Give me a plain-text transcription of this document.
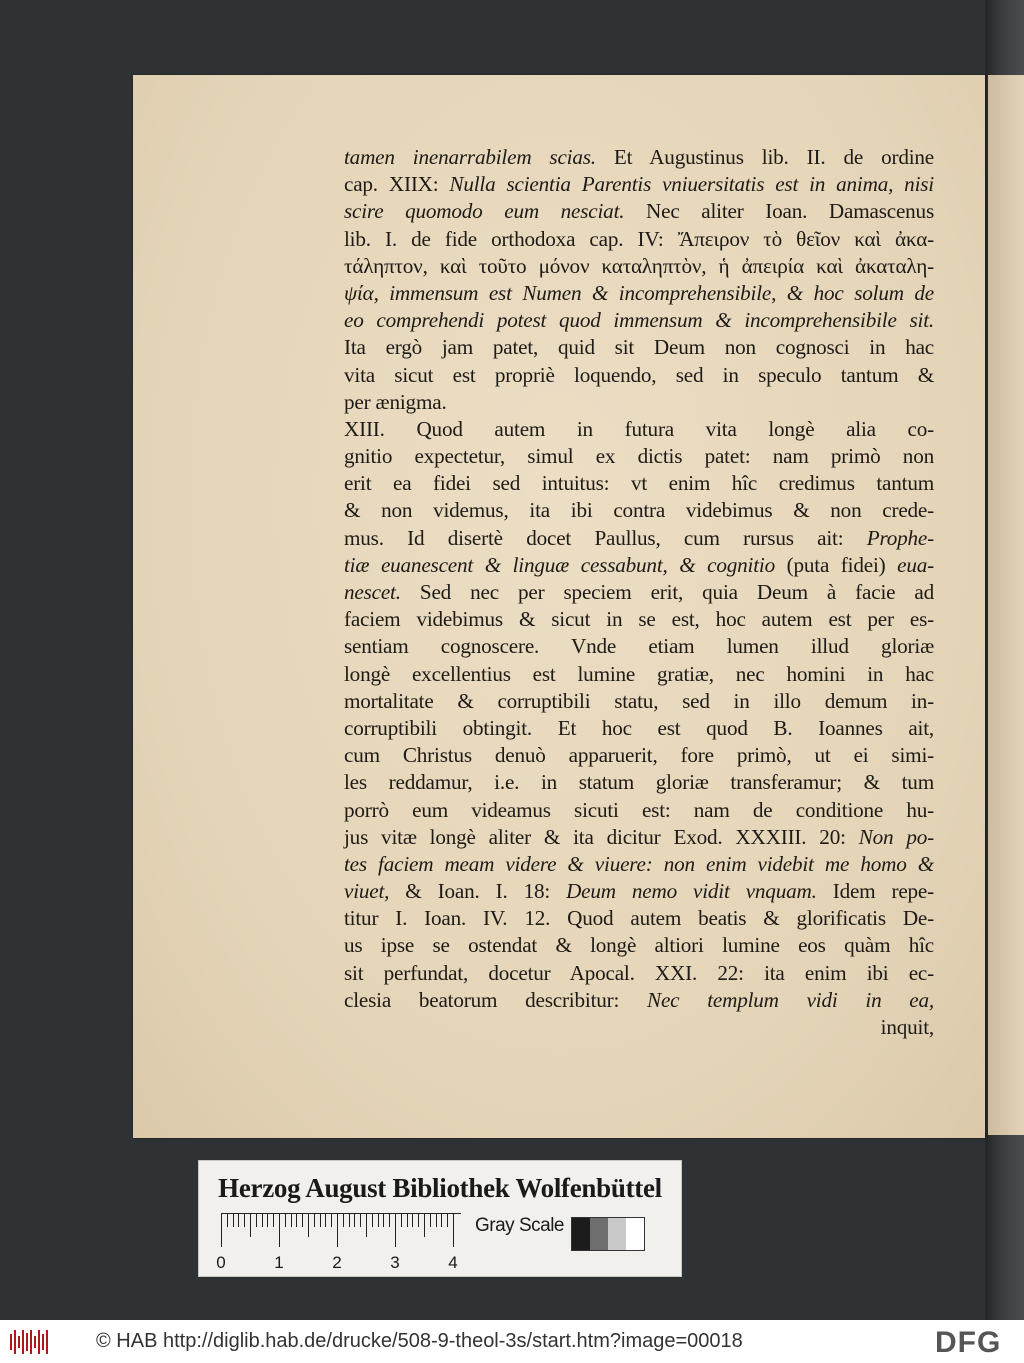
tamen inenarrabilem scias. Et Augustinus lib. II. de ordine
cap. XIIX: Nulla scientia Parentis vniuersitatis est in anima, nisi
scire quomodo eum nesciat. Nec aliter Ioan. Damascenus
lib. I. de fide orthodoxa cap. IV: Ἄπειρον τὸ θεῖον καὶ ἀκα-
τάληπτον, καὶ τοῦτο μόνον καταληπτὸν, ἡ ἀπειρία καὶ ἀκαταλη-
ψία, immensum est Numen & incomprehensibile, & hoc solum de
eo comprehendi potest quod immensum & incomprehensibile sit.
Ita ergò jam patet, quid sit Deum non cognosci in hac
vita sicut est propriè loquendo, sed in speculo tantum &
per ænigma.
XIII. Quod autem in futura vita longè alia co-
gnitio expectetur, simul ex dictis patet: nam primò non
erit ea fidei sed intuitus: vt enim hîc credimus tantum
& non videmus, ita ibi contra videbimus & non crede-
mus. Id disertè docet Paullus, cum rursus ait: Prophe-
tiæ euanescent & linguæ cessabunt, & cognitio (puta fidei) eua-
nescet. Sed nec per speciem erit, quia Deum à facie ad
faciem videbimus & sicut in se est, hoc autem est per es-
sentiam cognoscere. Vnde etiam lumen illud gloriæ
longè excellentius est lumine gratiæ, nec homini in hac
mortalitate & corruptibili statu, sed in illo demum in-
corruptibili obtingit. Et hoc est quod B. Ioannes ait,
cum Christus denuò apparuerit, fore primò, ut ei simi-
les reddamur, i.e. in statum gloriæ transferamur; & tum
porrò eum videamus sicuti est: nam de conditione hu-
jus vitæ longè aliter & ita dicitur Exod. XXXIII. 20: Non po-
tes faciem meam videre & viuere: non enim videbit me homo &
viuet, & Ioan. I. 18: Deum nemo vidit vnquam. Idem repe-
titur I. Ioan. IV. 12. Quod autem beatis & glorificatis De-
us ipse se ostendat & longè altiori lumine eos quàm hîc
sit perfundat, docetur Apocal. XXI. 22: ita enim ibi ec-
clesia beatorum describitur: Nec templum vidi in ea,
inquit,
Herzog August Bibliothek Wolfenbüttel
0	1	2	3	4
Gray Scale
© HAB http://diglib.hab.de/drucke/508-9-theol-3s/start.htm?image=00018	DFG
